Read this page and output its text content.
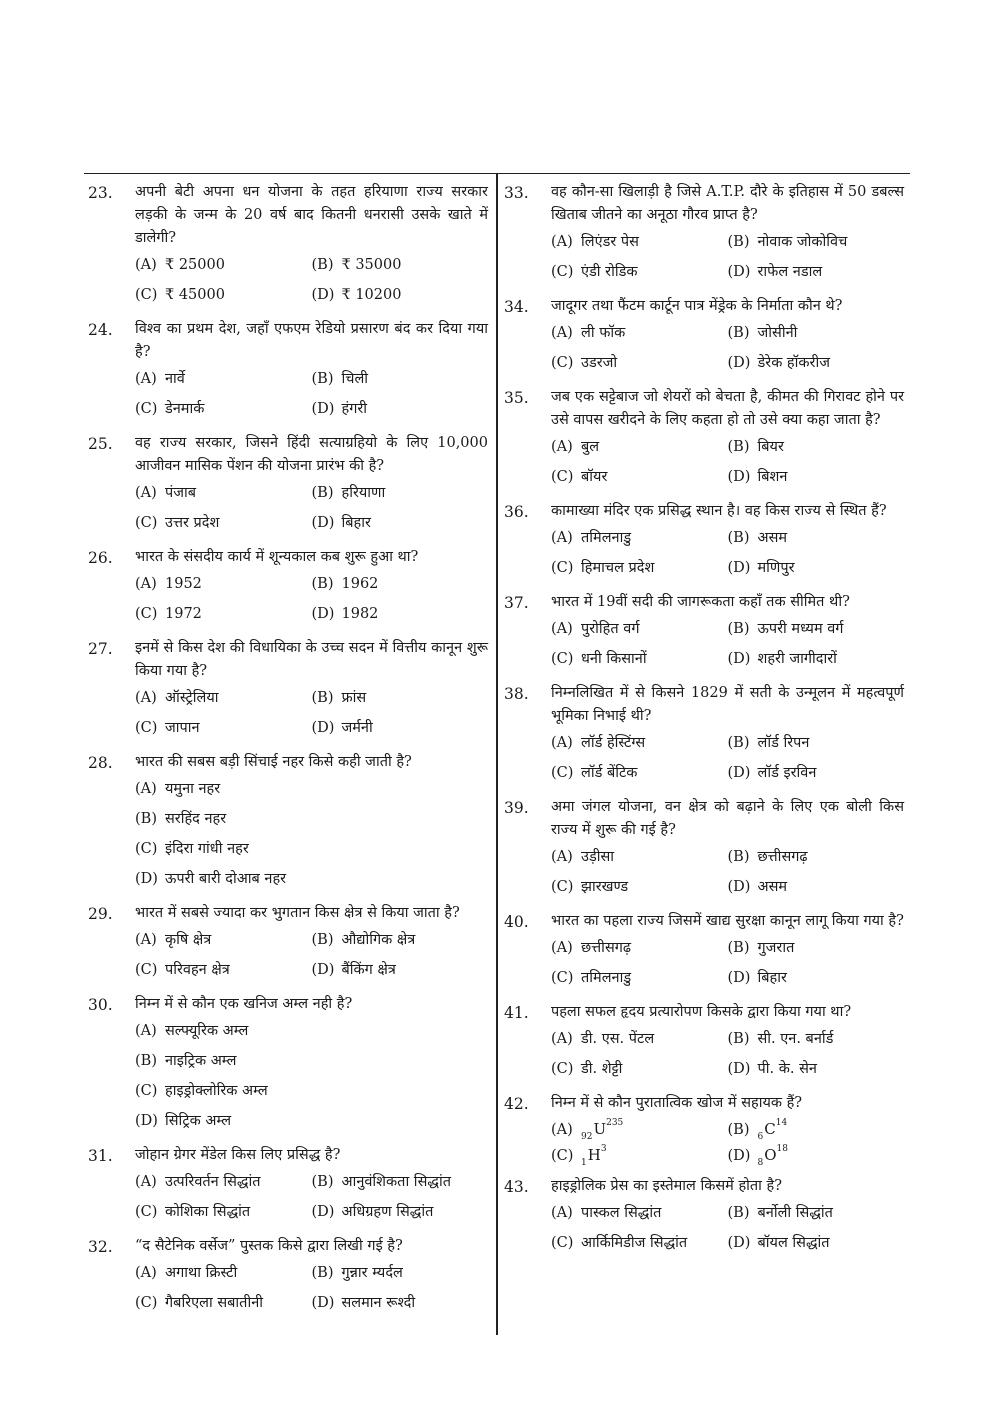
23. अपनी बेटी अपना धन योजना के तहत हरियाणा राज्य सरकार लड़की के जन्म के 20 वर्ष बाद कितनी धनरासी उसके खाते में डालेगी?
(A) ₹ 25000	(B) ₹ 35000
(C) ₹ 45000	(D) ₹ 10200
24. विश्व का प्रथम देश, जहाँ एफएम रेडियो प्रसारण बंद कर दिया गया है?
(A) नार्वे	(B) चिली
(C) डेनमार्क	(D) हंगरी
25. वह राज्य सरकार, जिसने हिंदी सत्याग्रहियो के लिए 10,000 आजीवन मासिक पेंशन की योजना प्रारंभ की है?
(A) पंजाब	(B) हरियाणा
(C) उत्तर प्रदेश	(D) बिहार
26. भारत के संसदीय कार्य में शून्यकाल कब शुरू हुआ था?
(A) 1952	(B) 1962
(C) 1972	(D) 1982
27. इनमें से किस देश की विधायिका के उच्च सदन में वित्तीय कानून शुरू किया गया है?
(A) ऑस्ट्रेलिया	(B) फ्रांस
(C) जापान	(D) जर्मनी
28. भारत की सबस बड़ी सिंचाई नहर किसे कही जाती है?
(A) यमुना नहर
(B) सरहिंद नहर
(C) इंदिरा गांधी नहर
(D) ऊपरी बारी दोआब नहर
29. भारत में सबसे ज्यादा कर भुगतान किस क्षेत्र से किया जाता है?
(A) कृषि क्षेत्र	(B) औद्योगिक क्षेत्र
(C) परिवहन क्षेत्र	(D) बैंकिंग क्षेत्र
30. निम्न में से कौन एक खनिज अम्ल नही है?
(A) सल्फ्यूरिक अम्ल
(B) नाइट्रिक अम्ल
(C) हाइड्रोक्लोरिक अम्ल
(D) सिट्रिक अम्ल
31. जोहान ग्रेगर मेंडेल किस लिए प्रसिद्ध है?
(A) उत्परिवर्तन सिद्धांत	(B) आनुवंशिकता सिद्धांत
(C) कोशिका सिद्धांत	(D) अधिग्रहण सिद्धांत
32. “द सैटेनिक वर्सेज” पुस्तक किसे द्वारा लिखी गई है?
(A) अगाथा क्रिस्टी	(B) गुन्नार म्यर्दल
(C) गैबरिएला सबातीनी	(D) सलमान रूश्दी
33. वह कौन-सा खिलाड़ी है जिसे A.T.P. दौरे के इतिहास में 50 डबल्स खिताब जीतने का अनूठा गौरव प्राप्त है?
(A) लिएंडर पेस	(B) नोवाक जोकोविच
(C) एंडी रोडिक	(D) राफेल नडाल
34. जादूगर तथा फैंटम कार्टून पात्र मेंड्रेक के निर्माता कौन थे?
(A) ली फॉक	(B) जोसीनी
(C) उडरजो	(D) डेरेक हॉकरीज
35. जब एक सट्टेबाज जो शेयरों को बेचता है, कीमत की गिरावट होने पर उसे वापस खरीदने के लिए कहता हो तो उसे क्या कहा जाता है?
(A) बुल	(B) बियर
(C) बॉयर	(D) बिशन
36. कामाख्या मंदिर एक प्रसिद्ध स्थान है। वह किस राज्य से स्थित हैं?
(A) तमिलनाडु	(B) असम
(C) हिमाचल प्रदेश	(D) मणिपुर
37. भारत में 19वीं सदी की जागरूकता कहाँ तक सीमित थी?
(A) पुरोहित वर्ग	(B) ऊपरी मध्यम वर्ग
(C) धनी किसानों	(D) शहरी जागीदारों
38. निम्नलिखित में से किसने 1829 में सती के उन्मूलन में महत्वपूर्ण भूमिका निभाई थी?
(A) लॉर्ड हेस्टिंग्स	(B) लॉर्ड रिपन
(C) लॉर्ड बेंटिक	(D) लॉर्ड इरविन
39. अमा जंगल योजना, वन क्षेत्र को बढ़ाने के लिए एक बोली किस राज्य में शुरू की गई है?
(A) उड़ीसा	(B) छत्तीसगढ़
(C) झारखण्ड	(D) असम
40. भारत का पहला राज्य जिसमें खाद्य सुरक्षा कानून लागू किया गया है?
(A) छत्तीसगढ़	(B) गुजरात
(C) तमिलनाडु	(D) बिहार
41. पहला सफल हृदय प्रत्यारोपण किसके द्वारा किया गया था?
(A) डी. एस. पेंटल	(B) सी. एन. बर्नार्ड
(C) डी. शेट्टी	(D) पी. के. सेन
42. निम्न में से कौन पुरातात्विक खोज में सहायक हैं?
(A) 92 U 235	(B) 6 C 14
(C) 1 H 3	(D) 8 O 18
43. हाइड्रोलिक प्रेस का इस्तेमाल किसमें होता है?
(A) पास्कल सिद्धांत	(B) बर्नोली सिद्धांत
(C) आर्किमिडीज सिद्धांत	(D) बॉयल सिद्धांत
